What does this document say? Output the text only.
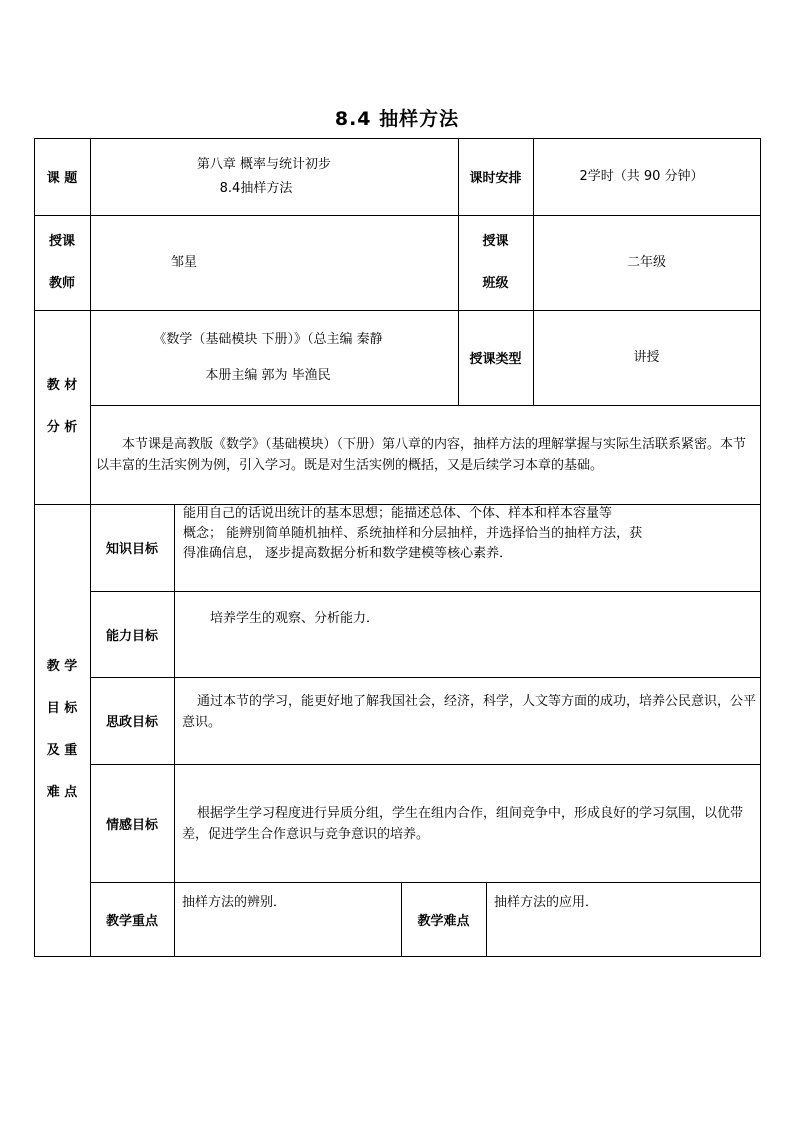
8.4 抽样方法
课 题
第八章 概率与统计初步
8.4抽样方法
课时安排	2学时（共 90 分钟）
授课
教师
邹星
授课
班级
二年级
教 材
分 析
《数学（基础模块 下册）》（总主编 秦静
本册主编 郭为 毕渔民
授课类型	讲授
本节课是高教版《数学》（基础模块）（下册）第八章的内容，抽样方法的理解掌握与实际生活联系紧密。本节以丰富的生活实例为例，引入学习。既是对生活实例的概括，又是后续学习本章的基础。
教 学
目 标
及 重
难 点
知识目标
能用自己的话说出统计的基本思想；能描述总体、个体、样本和样本容量等
概念； 能辨别简单随机抽样、系统抽样和分层抽样，并选择恰当的抽样方法，获
得准确信息， 逐步提高数据分析和数学建模等核心素养．
能力目标
培养学生的观察、分析能力．
思政目标
通过本节的学习，能更好地了解我国社会，经济，科学，人文等方面的成功，培养公民意识，公平意识。
情感目标
根据学生学习程度进行异质分组，学生在组内合作，组间竞争中，形成良好的学习氛围，以优带差，促进学生合作意识与竞争意识的培养。
教学重点
抽样方法的辨别．
教学难点
抽样方法的应用．
